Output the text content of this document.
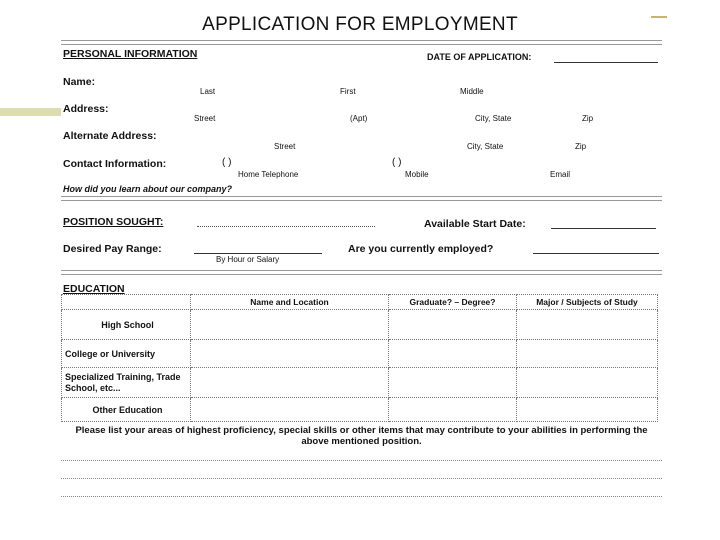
APPLICATION FOR EMPLOYMENT
PERSONAL INFORMATION	DATE OF APPLICATION:
Name:
Last	First	Middle
Address:
Street	(Apt)	City, State	Zip
Alternate Address:
Street	City, State	Zip
Contact Information:	( )	( )
Home Telephone	Mobile	Email
How did you learn about our company?
POSITION SOUGHT:	Available Start Date:
Desired Pay Range:	Are you currently employed?
By Hour or Salary
EDUCATION
	Name and Location	Graduate? – Degree?	Major / Subjects of Study
High School			
College or University			
Specialized Training, Trade School, etc...			
Other Education			
Please list your areas of highest proficiency, special skills or other items that may contribute to your abilities in performing the above mentioned position.
